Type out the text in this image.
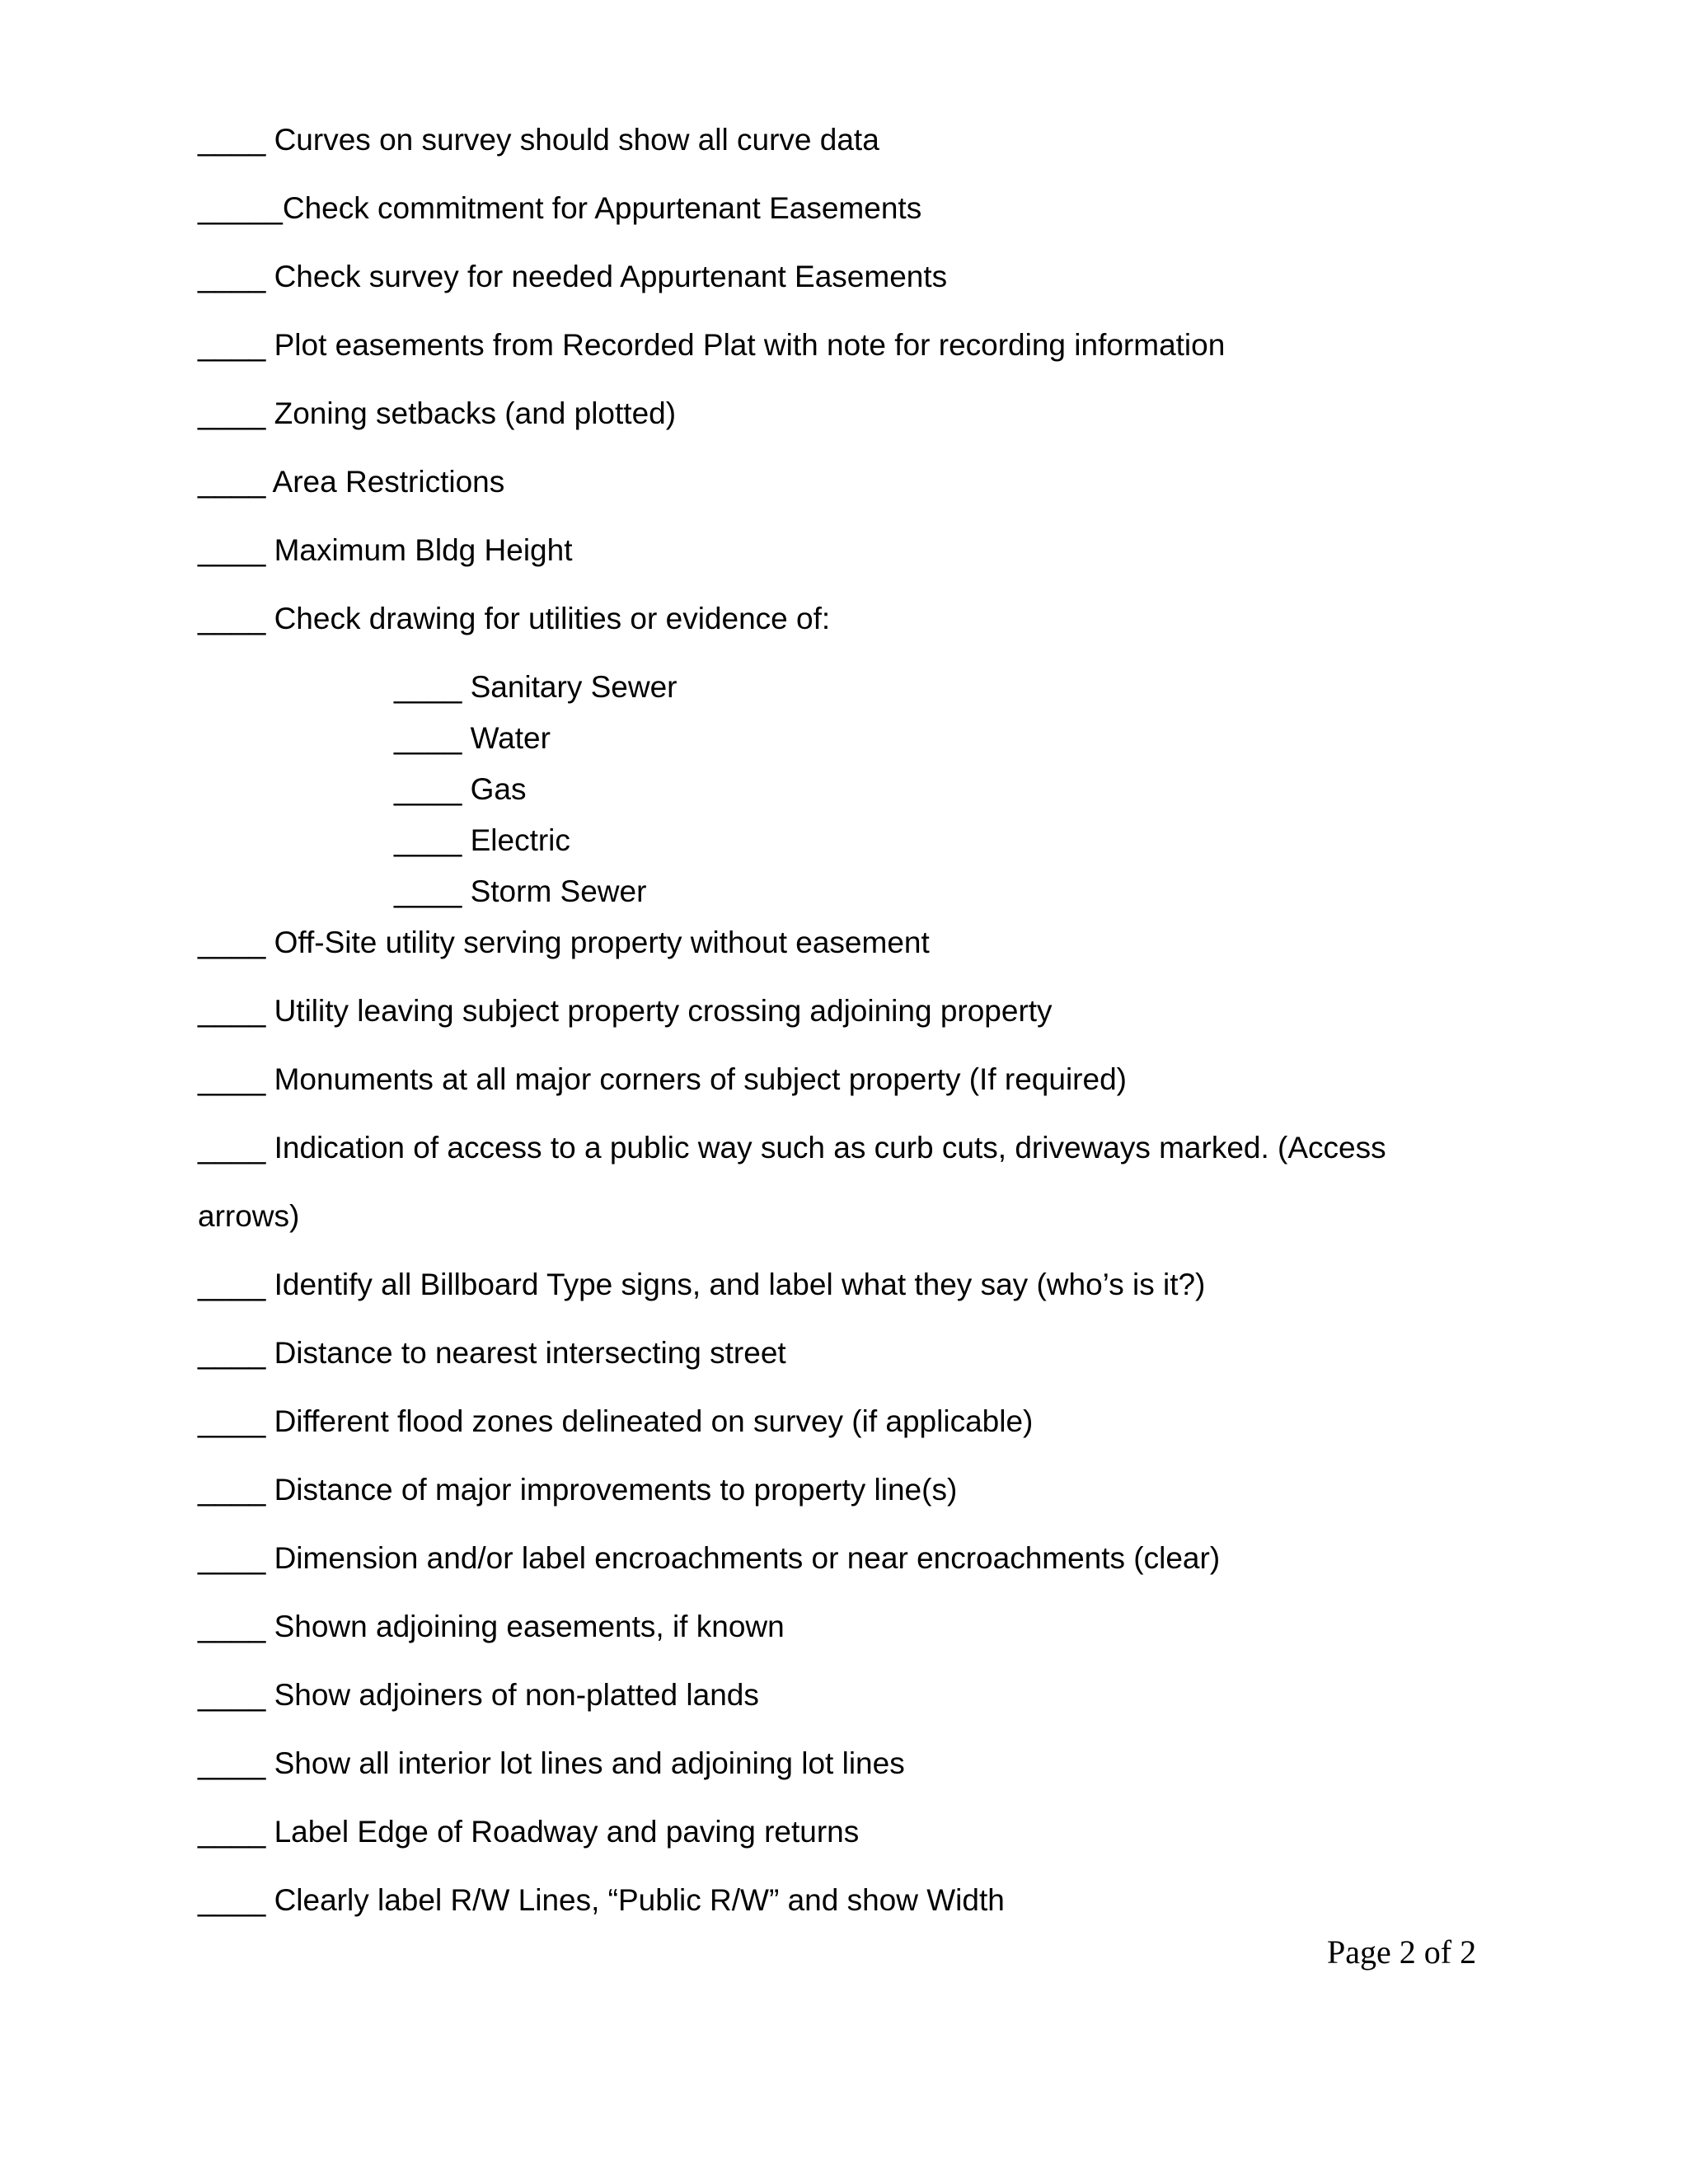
____ Curves on survey should show all curve data
_____Check commitment for Appurtenant Easements
____ Check survey for needed Appurtenant Easements
____ Plot easements from Recorded Plat with note for recording information
____ Zoning setbacks (and plotted)
____ Area Restrictions
____ Maximum Bldg Height
____ Check drawing for utilities or evidence of:
____ Sanitary Sewer
____ Water
____ Gas
____ Electric
____ Storm Sewer
____ Off-Site utility serving property without easement
____ Utility leaving subject property crossing adjoining property
____ Monuments at all major corners of subject property (If required)
____ Indication of access to a public way such as curb cuts, driveways marked. (Access
arrows)
____ Identify all Billboard Type signs, and label what they say (who’s is it?)
____ Distance to nearest intersecting street
____ Different flood zones delineated on survey (if applicable)
____ Distance of major improvements to property line(s)
____ Dimension and/or label encroachments or near encroachments (clear)
____ Shown adjoining easements, if known
____ Show adjoiners of non-platted lands
____ Show all interior lot lines and adjoining lot lines
____ Label Edge of Roadway and paving returns
____ Clearly label R/W Lines, “Public R/W” and show Width
Page 2 of 2
